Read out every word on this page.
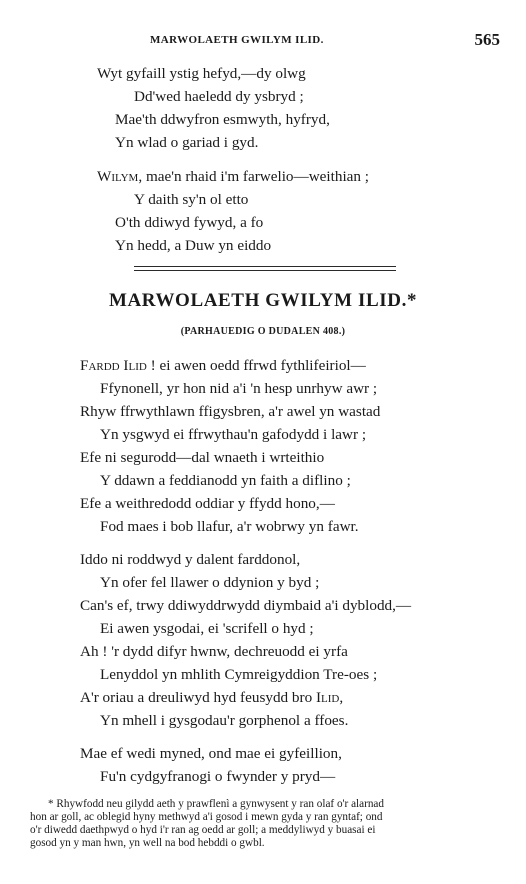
MARWOLAETH GWILYM ILID.	565
Wyt gyfaill ystig hefyd,—dy olwg
Dd'wed haeledd dy ysbryd ;
Mae'th ddwyfron esmwyth, hyfryd,
Yn wlad o gariad i gyd.
Wilym, mae'n rhaid i'm farwelio—weithian ;
Y daith sy'n ol etto
O'th ddiwyd fywyd, a fo
Yn hedd, a Duw yn eiddo
MARWOLAETH GWILYM ILID.*
(PARHAUEDIG O DUDALEN 408.)
Fardd Ilid ! ei awen oedd ffrwd fythlifeiriol—
Ffynonell, yr hon nid a'i 'n hesp unrhyw awr ;
Rhyw ffrwythlawn ffigysbren, a'r awel yn wastad
Yn ysgwyd ei ffrwythau'n gafodydd i lawr ;
Efe ni segurodd—dal wnaeth i wrteithio
Y ddawn a feddianodd yn faith a diflino ;
Efe a weithredodd oddiar y ffydd hono,—
Fod maes i bob llafur, a'r wobrwy yn fawr.
Iddo ni roddwyd y dalent farddonol,
Yn ofer fel llawer o ddynion y byd ;
Can's ef, trwy ddiwyddrwydd diymbaid a'i dyblodd,—
Ei awen ysgodai, ei 'scrifell o hyd ;
Ah ! 'r dydd difyr hwnw, dechreuodd ei yrfa
Lenyddol yn mhlith Cymreigyddion Tre-oes ;
A'r oriau a dreuliwyd hyd feusydd bro Ilid,
Yn mhell i gysgodau'r gorphenol a ffoes.
Mae ef wedi myned, ond mae ei gyfeillion,
Fu'n cydgyfranogi o fwynder y pryd—
* Rhywfodd neu gilydd aeth y prawflenì a gynwysent y ran olaf o'r alarnad
hon ar goll, ac oblegid hyny methwyd a'i gosod i mewn gyda y ran gyntaf; ond
o'r diwedd daethpwyd o hyd i'r ran ag oedd ar goll; a meddyliwyd y buasai ei
gosod yn y man hwn, yn well na bod hebddi o gwbl.
